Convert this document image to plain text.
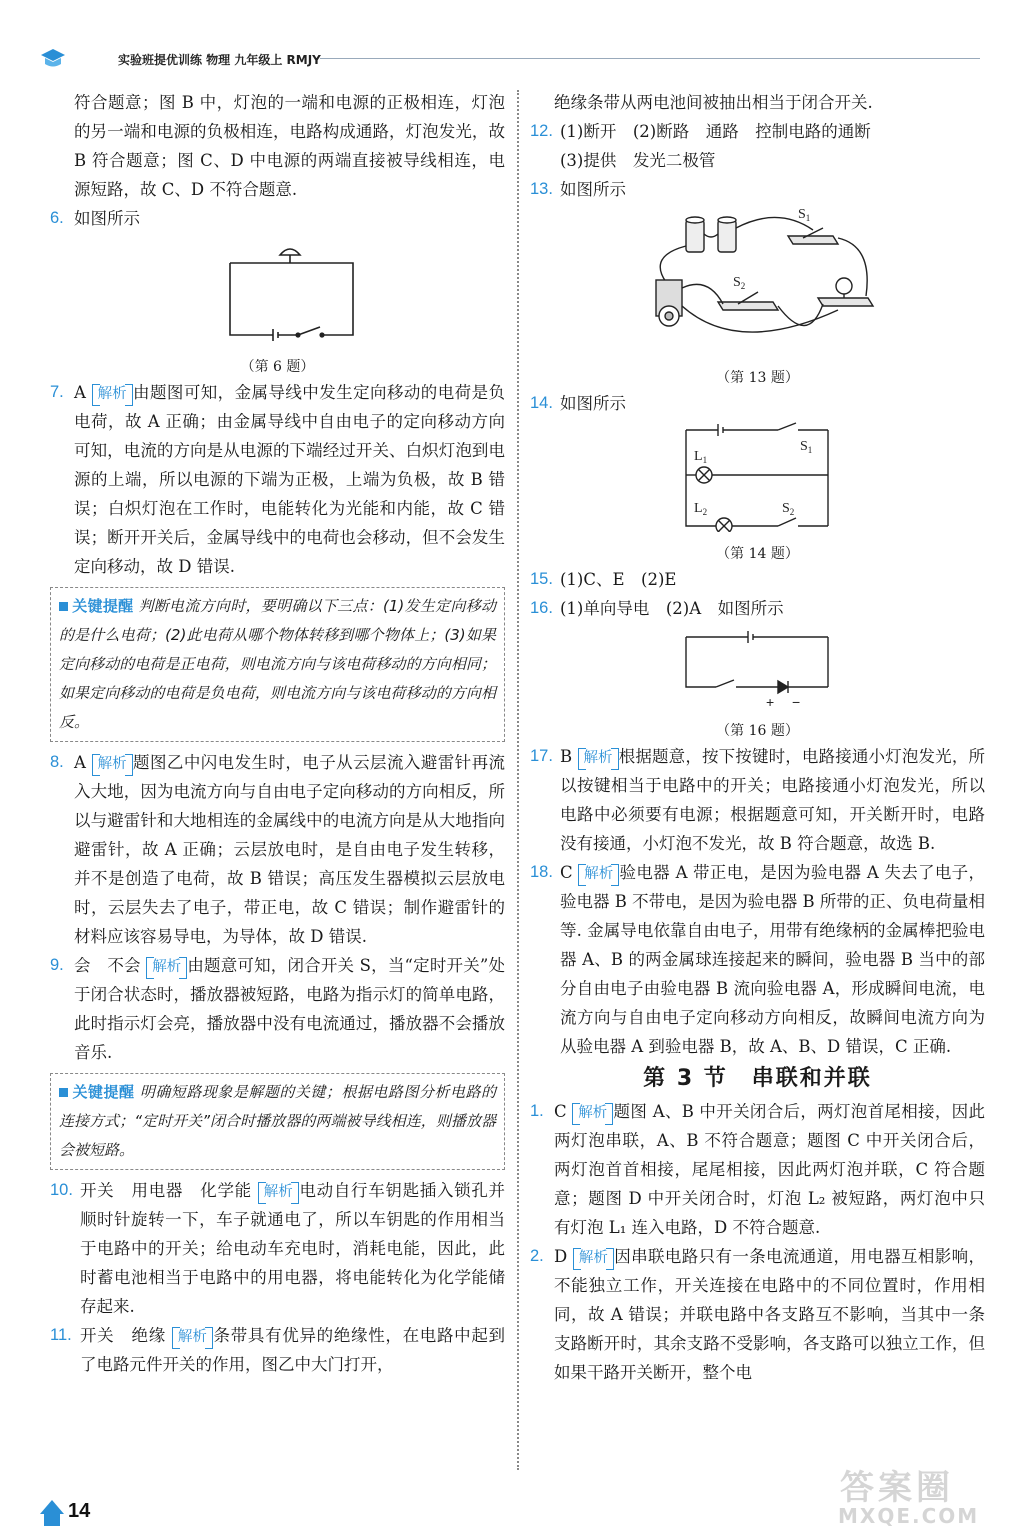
实验班提优训练 物理 九年级上 RMJY
符合题意；图 B 中，灯泡的一端和电源的正极相连，灯泡的另一端和电源的负极相连，电路构成通路，灯泡发光，故 B 符合题意；图 C、D 中电源的两端直接被导线相连，电源短路，故 C、D 不符合题意.
6. 如图所示
（第 6 题）
7. A 解析 由题图可知，金属导线中发生定向移动的电荷是负电荷，故 A 正确；由金属导线中自由电子的定向移动方向可知，电流的方向是从电源的下端经过开关、白炽灯泡到电源的上端，所以电源的下端为正极，上端为负极，故 B 错误；白炽灯泡在工作时，电能转化为光能和内能，故 C 错误；断开开关后，金属导线中的电荷也会移动，但不会发生定向移动，故 D 错误.
关键提醒 判断电流方向时，要明确以下三点：(1)发生定向移动的是什么电荷；(2)此电荷从哪个物体转移到哪个物体上；(3)如果定向移动的电荷是正电荷，则电流方向与该电荷移动的方向相同；如果定向移动的电荷是负电荷，则电流方向与该电荷移动的方向相反。
8. A 解析 题图乙中闪电发生时，电子从云层流入避雷针再流入大地，因为电流方向与自由电子定向移动的方向相反，所以与避雷针和大地相连的金属线中的电流方向是从大地指向避雷针，故 A 正确；云层放电时，是自由电子发生转移，并不是创造了电荷，故 B 错误；高压发生器模拟云层放电时，云层失去了电子，带正电，故 C 错误；制作避雷针的材料应该容易导电，为导体，故 D 错误.
9. 会　不会 解析 由题意可知，闭合开关 S，当“定时开关”处于闭合状态时，播放器被短路，电路为指示灯的简单电路，此时指示灯会亮，播放器中没有电流通过，播放器不会播放音乐.
关键提醒 明确短路现象是解题的关键；根据电路图分析电路的连接方式；“定时开关”闭合时播放器的两端被导线相连，则播放器会被短路。
10. 开关　用电器　化学能 解析 电动自行车钥匙插入锁孔并顺时针旋转一下，车子就通电了，所以车钥匙的作用相当于电路中的开关；给电动车充电时，消耗电能，因此，此时蓄电池相当于电路中的用电器，将电能转化为化学能储存起来.
11. 开关　绝缘 解析 条带具有优异的绝缘性，在电路中起到了电路元件开关的作用，图乙中大门打开，
绝缘条带从两电池间被抽出相当于闭合开关.
12. (1)断开　(2)断路　通路　控制电路的通断
(3)提供　发光二极管
13. 如图所示
$S_1$
$S_2$
（第 13 题）
14. 如图所示
$S_1$
$L_1$
$L_2$	$S_2$
（第 14 题）
15. (1)C、E　(2)E
16. (1)单向导电　(2)A　如图所示
+ −
（第 16 题）
17. B 解析 根据题意，按下按键时，电路接通小灯泡发光，所以按键相当于电路中的开关；电路接通小灯泡发光，所以电路中必须要有电源；根据题意可知，开关断开时，电路没有接通，小灯泡不发光，故 B 符合题意，故选 B.
18. C 解析 验电器 A 带正电，是因为验电器 A 失去了电子，验电器 B 不带电，是因为验电器 B 所带的正、负电荷量相等. 金属导电依靠自由电子，用带有绝缘柄的金属棒把验电器 A、B 的两金属球连接起来的瞬间，验电器 B 当中的部分自由电子由验电器 B 流向验电器 A，形成瞬间电流，电流方向与自由电子定向移动方向相反，故瞬间电流方向为从验电器 A 到验电器 B，故 A、B、D 错误，C 正确.
第 3 节　串联和并联
1. C 解析 题图 A、B 中开关闭合后，两灯泡首尾相接，因此两灯泡串联，A、B 不符合题意；题图 C 中开关闭合后，两灯泡首首相接，尾尾相接，因此两灯泡并联，C 符合题意；题图 D 中开关闭合时，灯泡 L₂ 被短路，两灯泡中只有灯泡 L₁ 连入电路，D 不符合题意.
2. D 解析 因串联电路只有一条电流通道，用电器互相影响，不能独立工作，开关连接在电路中的不同位置时，作用相同，故 A 错误；并联电路中各支路互不影响，当其中一条支路断开时，其余支路不受影响，各支路可以独立工作，但如果干路开关断开，整个电
14
答案圈
MXQE.COM
